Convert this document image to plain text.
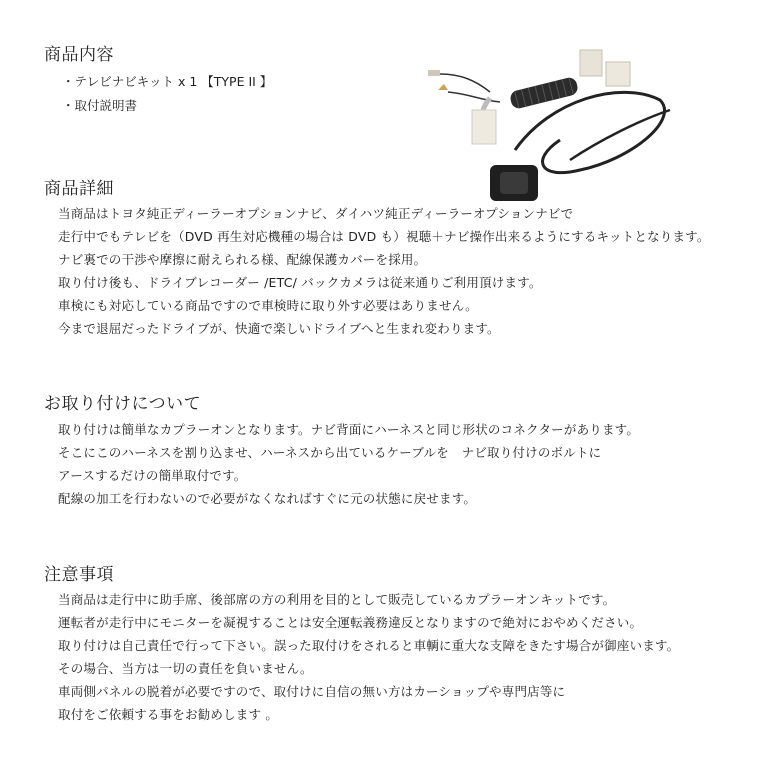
商品内容
・テレビナビキット x 1 【TYPE II 】
・取付説明書
商品詳細
当商品はトヨタ純正ディーラーオプションナビ、ダイハツ純正ディーラーオプションナビで
走行中でもテレビを（DVD 再生対応機種の場合は DVD も）視聴＋ナビ操作出来るようにするキットとなります。
ナビ裏での干渉や摩擦に耐えられる様、配線保護カバーを採用。
取り付け後も、ドライブレコーダー /ETC/ バックカメラは従来通りご利用頂けます。
車検にも対応している商品ですので車検時に取り外す必要はありません。
今まで退屈だったドライブが、快適で楽しいドライブへと生まれ変わります。
お取り付けについて
取り付けは簡単なカプラーオンとなります。ナビ背面にハーネスと同じ形状のコネクターがあります。
そこにこのハーネスを割り込ませ、ハーネスから出ているケーブルを　ナビ取り付けのボルトに
アースするだけの簡単取付です。
配線の加工を行わないので必要がなくなればすぐに元の状態に戻せます。
注意事項
当商品は走行中に助手席、後部席の方の利用を目的として販売しているカプラーオンキットです。
運転者が走行中にモニターを凝視することは安全運転義務違反となりますので絶対におやめください。
取り付けは自己責任で行って下さい。誤った取付けをされると車輌に重大な支障をきたす場合が御座います。
その場合、当方は一切の責任を負いません。
車両側パネルの脱着が必要ですので、取付けに自信の無い方はカーショップや専門店等に
取付をご依頼する事をお勧めします 。
